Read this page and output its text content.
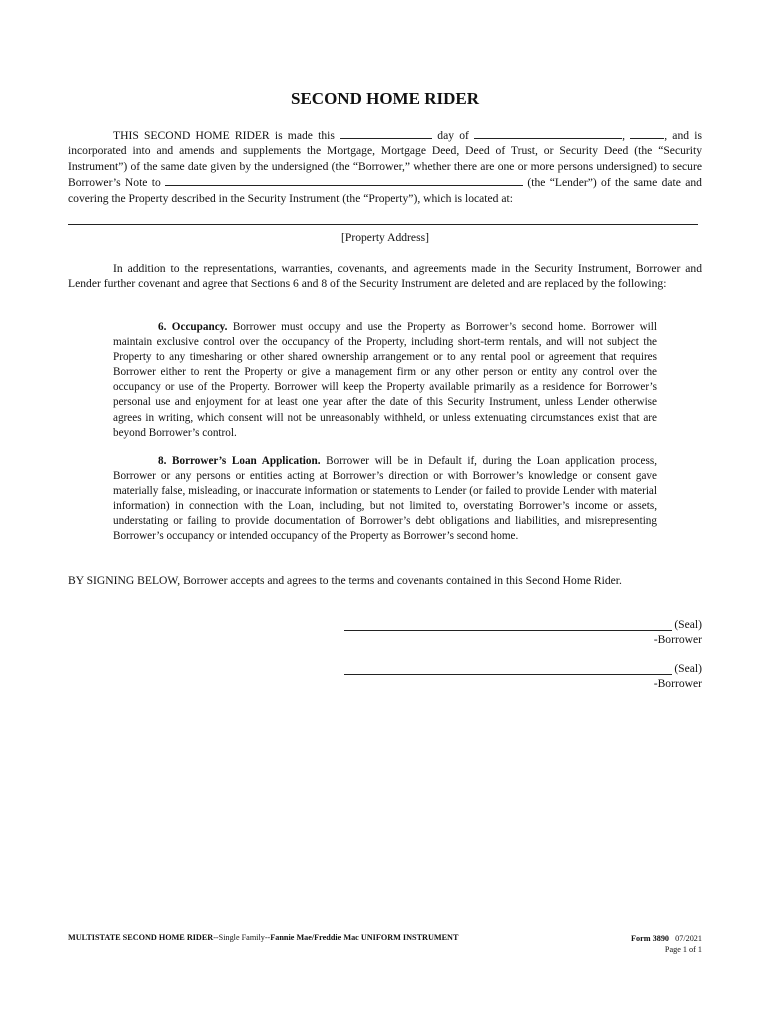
SECOND HOME RIDER
THIS SECOND HOME RIDER is made this	day of	,	, and is incorporated into and amends and supplements the Mortgage, Mortgage Deed, Deed of Trust, or Security Deed (the “Security Instrument”) of the same date given by the undersigned (the “Borrower,” whether there are one or more persons undersigned) to secure Borrower’s Note to	(the “Lender”) of the same date and covering the Property described in the Security Instrument (the “Property”), which is located at:
[Property Address]
In addition to the representations, warranties, covenants, and agreements made in the Security Instrument, Borrower and Lender further covenant and agree that Sections 6 and 8 of the Security Instrument are deleted and are replaced by the following:
6. Occupancy. Borrower must occupy and use the Property as Borrower’s second home. Borrower will maintain exclusive control over the occupancy of the Property, including short-term rentals, and will not subject the Property to any timesharing or other shared ownership arrangement or to any rental pool or agreement that requires Borrower either to rent the Property or give a management firm or any other person or entity any control over the occupancy or use of the Property. Borrower will keep the Property available primarily as a residence for Borrower’s personal use and enjoyment for at least one year after the date of this Security Instrument, unless Lender otherwise agrees in writing, which consent will not be unreasonably withheld, or unless extenuating circumstances exist that are beyond Borrower’s control.
8. Borrower’s Loan Application. Borrower will be in Default if, during the Loan application process, Borrower or any persons or entities acting at Borrower’s direction or with Borrower’s knowledge or consent gave materially false, misleading, or inaccurate information or statements to Lender (or failed to provide Lender with material information) in connection with the Loan, including, but not limited to, overstating Borrower’s income or assets, understating or failing to provide documentation of Borrower’s debt obligations and liabilities, and misrepresenting Borrower’s occupancy or intended occupancy of the Property as Borrower’s second home.
BY SIGNING BELOW, Borrower accepts and agrees to the terms and covenants contained in this Second Home Rider.
(Seal)
-Borrower
(Seal)
-Borrower
MULTISTATE SECOND HOME RIDER--Single Family--Fannie Mae/Freddie Mac UNIFORM INSTRUMENT	Form 3890 07/2021
Page 1 of 1
